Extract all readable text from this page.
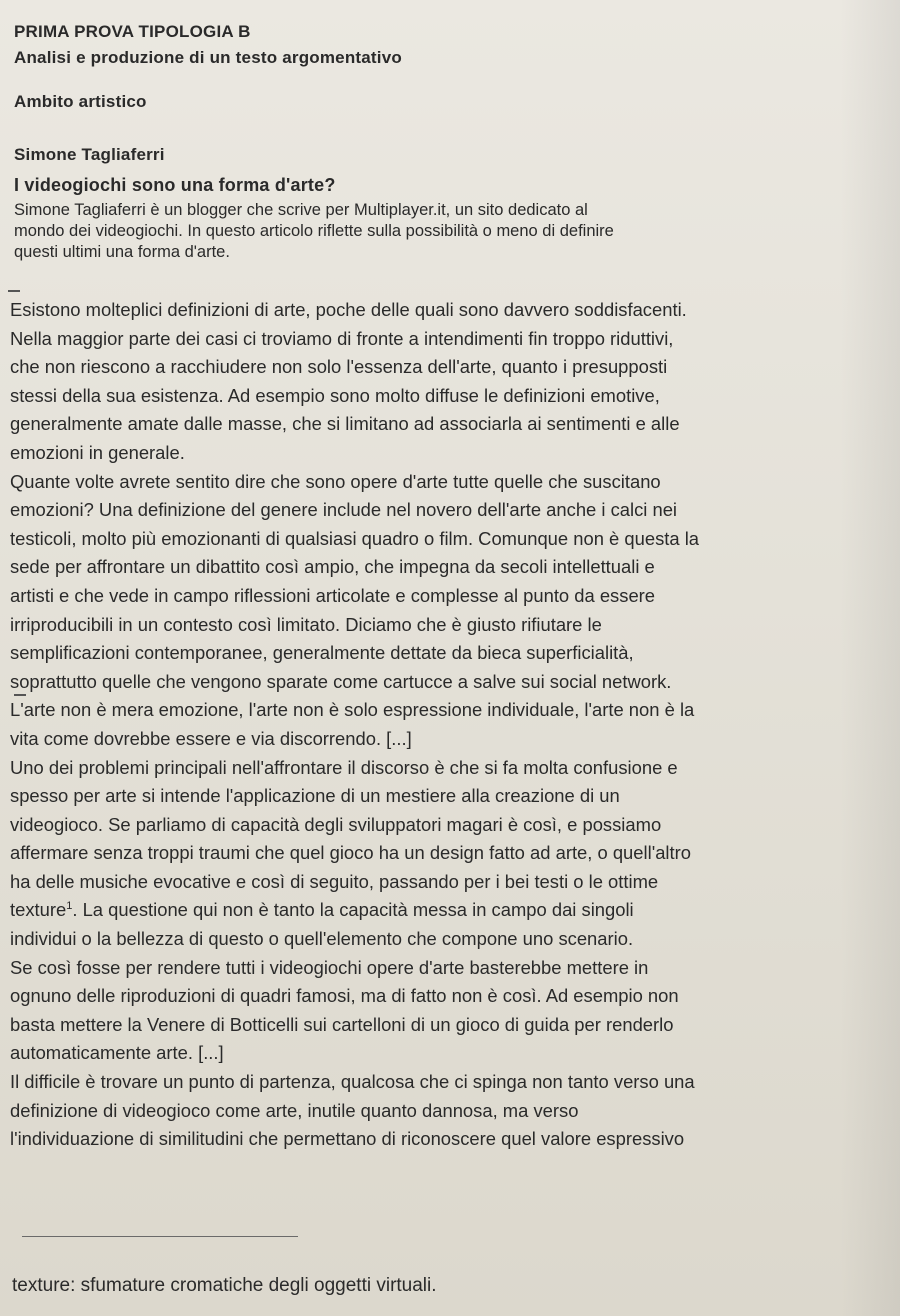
PRIMA PROVA TIPOLOGIA B

Analisi e produzione di un testo argomentativo

Ambito artistico

Simone Tagliaferri

I videogiochi sono una forma d'arte?

Simone Tagliaferri è un blogger che scrive per Multiplayer.it, un sito dedicato al
mondo dei videogiochi. In questo articolo riflette sulla possibilità o meno di definire
questi ultimi una forma d'arte.
Esistono molteplici definizioni di arte, poche delle quali sono davvero soddisfacenti.
Nella maggior parte dei casi ci troviamo di fronte a intendimenti fin troppo riduttivi,
che non riescono a racchiudere non solo l'essenza dell'arte, quanto i presupposti
stessi della sua esistenza. Ad esempio sono molto diffuse le definizioni emotive,
generalmente amate dalle masse, che si limitano ad associarla ai sentimenti e alle
emozioni in generale.
Quante volte avrete sentito dire che sono opere d'arte tutte quelle che suscitano
emozioni? Una definizione del genere include nel novero dell'arte anche i calci nei
testicoli, molto più emozionanti di qualsiasi quadro o film. Comunque non è questa la
sede per affrontare un dibattito così ampio, che impegna da secoli intellettuali e
artisti e che vede in campo riflessioni articolate e complesse al punto da essere
irriproducibili in un contesto così limitato. Diciamo che è giusto rifiutare le
semplificazioni contemporanee, generalmente dettate da bieca superficialità,
soprattutto quelle che vengono sparate come cartucce a salve sui social network.
L'arte non è mera emozione, l'arte non è solo espressione individuale, l'arte non è la
vita come dovrebbe essere e via discorrendo. [...]
Uno dei problemi principali nell'affrontare il discorso è che si fa molta confusione e
spesso per arte si intende l'applicazione di un mestiere alla creazione di un
videogioco. Se parliamo di capacità degli sviluppatori magari è così, e possiamo
affermare senza troppi traumi che quel gioco ha un design fatto ad arte, o quell'altro
ha delle musiche evocative e così di seguito, passando per i bei testi o le ottime
texture$^1$. La questione qui non è tanto la capacità messa in campo dai singoli
individui o la bellezza di questo o quell'elemento che compone uno scenario.
Se così fosse per rendere tutti i videogiochi opere d'arte basterebbe mettere in
ognuno delle riproduzioni di quadri famosi, ma di fatto non è così. Ad esempio non
basta mettere la Venere di Botticelli sui cartelloni di un gioco di guida per renderlo
automaticamente arte. [...]
Il difficile è trovare un punto di partenza, qualcosa che ci spinga non tanto verso una
definizione di videogioco come arte, inutile quanto dannosa, ma verso
l'individuazione di similitudini che permettano di riconoscere quel valore espressivo

texture: sfumature cromatiche degli oggetti virtuali.
